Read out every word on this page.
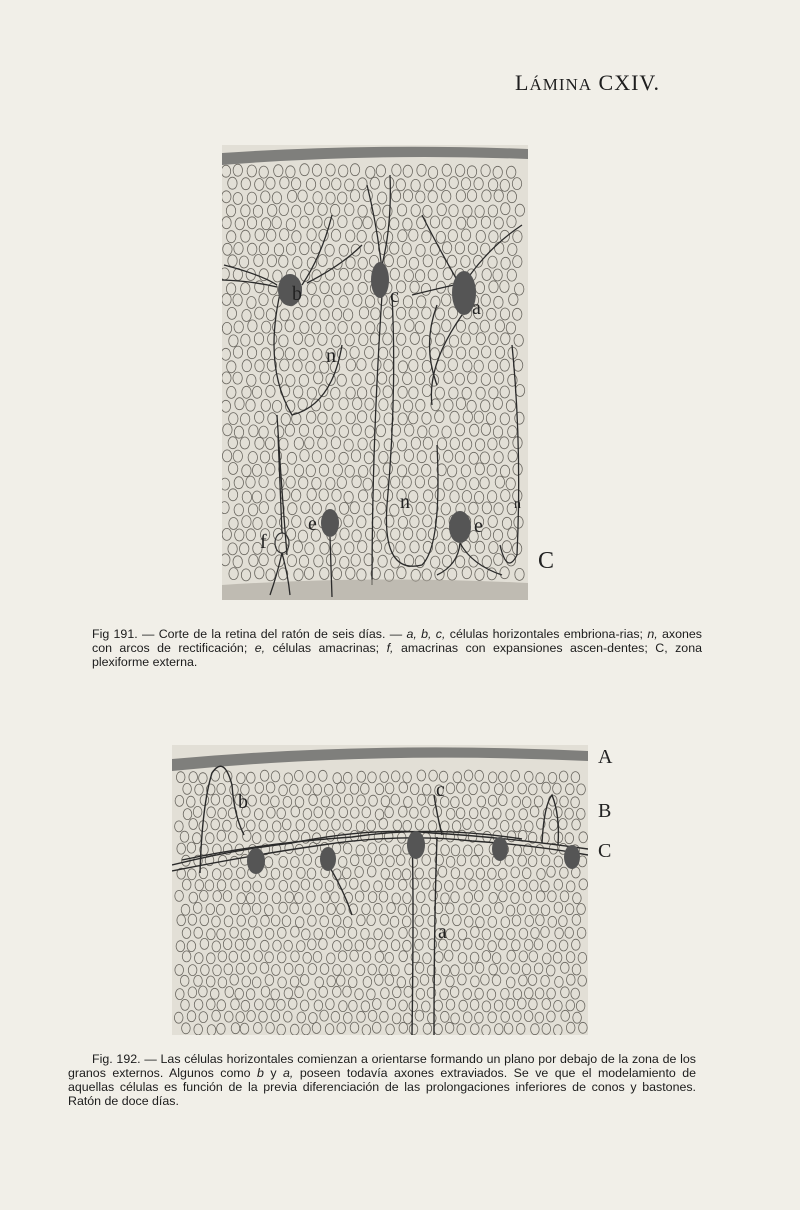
LÁMINA CXIV.
b	c
a
n
n	n
e	e
f
C
Fig 191. — Corte de la retina del ratón de seis días. — a, b, c, células horizontales embriona-rias; n, axones con arcos de rectificación; e, células amacrinas; f, amacrinas con expansiones ascen-dentes; C, zona plexiforme externa.
b
c
a
A
B
C
Fig. 192. — Las células horizontales comienzan a orientarse formando un plano por debajo de la zona de los granos externos. Algunos como b y a, poseen todavía axones extraviados. Se ve que el modelamiento de aquellas células es función de la previa diferenciación de las prolongaciones inferiores de conos y bastones. Ratón de doce días.
